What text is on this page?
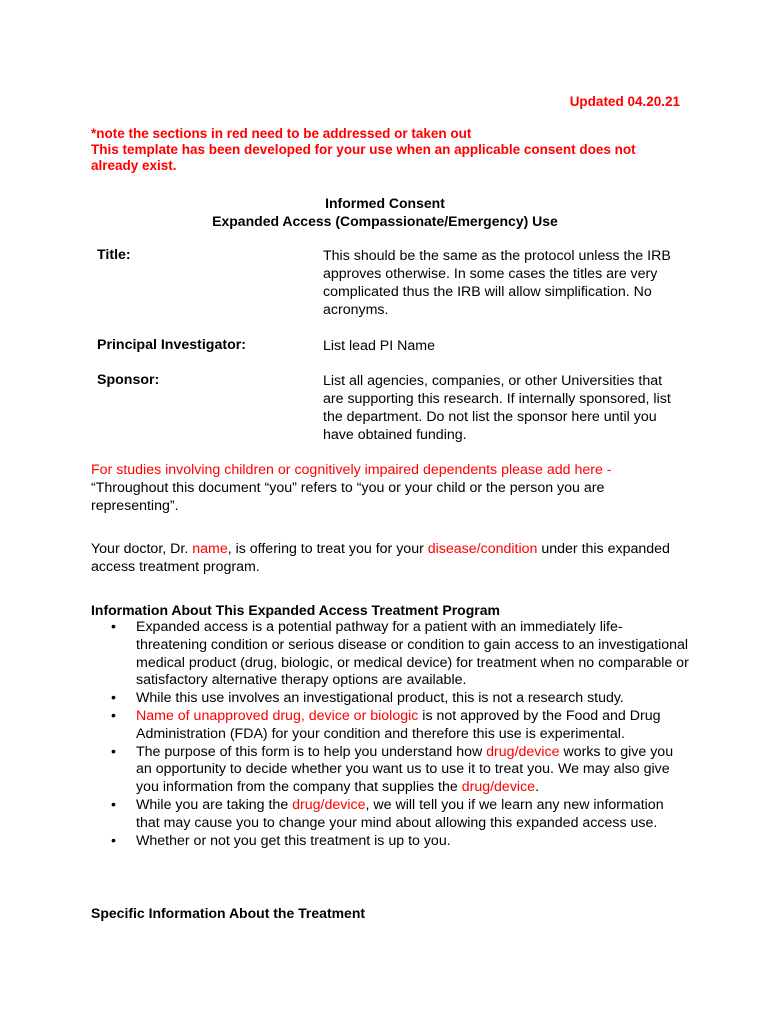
Updated 04.20.21
*note the sections in red need to be addressed or taken out
This template has been developed for your use when an applicable consent does not already exist.
Informed Consent
Expanded Access (Compassionate/Emergency) Use
Title:	This should be the same as the protocol unless the IRB approves otherwise. In some cases the titles are very complicated thus the IRB will allow simplification. No acronyms.
Principal Investigator:	List lead PI Name
Sponsor:	List all agencies, companies, or other Universities that are supporting this research. If internally sponsored, list the department. Do not list the sponsor here until you have obtained funding.
For studies involving children or cognitively impaired dependents please add here -
“Throughout this document “you” refers to “you or your child or the person you are representing”.
Your doctor, Dr. name, is offering to treat you for your disease/condition under this expanded access treatment program.
Information About This Expanded Access Treatment Program
• Expanded access is a potential pathway for a patient with an immediately life-threatening condition or serious disease or condition to gain access to an investigational medical product (drug, biologic, or medical device) for treatment when no comparable or satisfactory alternative therapy options are available.
• While this use involves an investigational product, this is not a research study.
• Name of unapproved drug, device or biologic is not approved by the Food and Drug Administration (FDA) for your condition and therefore this use is experimental.
• The purpose of this form is to help you understand how drug/device works to give you an opportunity to decide whether you want us to use it to treat you. We may also give you information from the company that supplies the drug/device.
• While you are taking the drug/device, we will tell you if we learn any new information that may cause you to change your mind about allowing this expanded access use.
• Whether or not you get this treatment is up to you.
Specific Information About the Treatment
